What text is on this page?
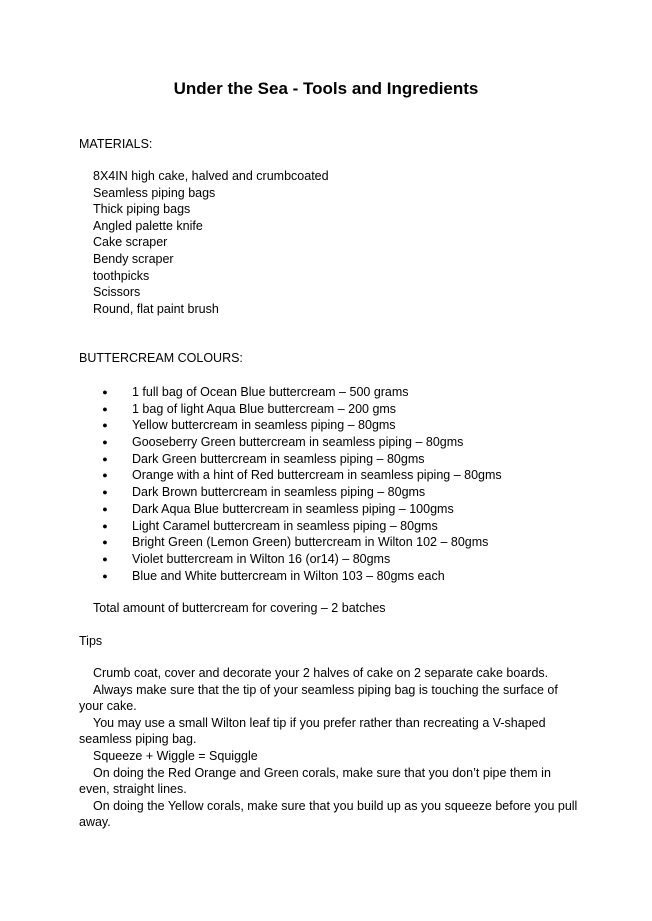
Under the Sea - Tools and Ingredients
MATERIALS:
8X4IN high cake, halved and crumbcoated
Seamless piping bags
Thick piping bags
Angled palette knife
Cake scraper
Bendy scraper
toothpicks
Scissors
Round, flat paint brush
BUTTERCREAM COLOURS:
● 1 full bag of Ocean Blue buttercream – 500 grams
● 1 bag of light Aqua Blue buttercream – 200 gms
● Yellow buttercream in seamless piping – 80gms
● Gooseberry Green buttercream in seamless piping – 80gms
● Dark Green buttercream in seamless piping – 80gms
● Orange with a hint of Red buttercream in seamless piping – 80gms
● Dark Brown buttercream in seamless piping – 80gms
● Dark Aqua Blue buttercream in seamless piping – 100gms
● Light Caramel buttercream in seamless piping – 80gms
● Bright Green (Lemon Green) buttercream in Wilton 102 – 80gms
● Violet buttercream in Wilton 16 (or14) – 80gms
● Blue and White buttercream in Wilton 103 – 80gms each
Total amount of buttercream for covering – 2 batches
Tips

Crumb coat, cover and decorate your 2 halves of cake on 2 separate cake boards.

Always make sure that the tip of your seamless piping bag is touching the surface of your cake.

You may use a small Wilton leaf tip if you prefer rather than recreating a V-shaped seamless piping bag.

Squeeze + Wiggle = Squiggle

On doing the Red Orange and Green corals, make sure that you don’t pipe them in even, straight lines.

On doing the Yellow corals, make sure that you build up as you squeeze before you pull away.
